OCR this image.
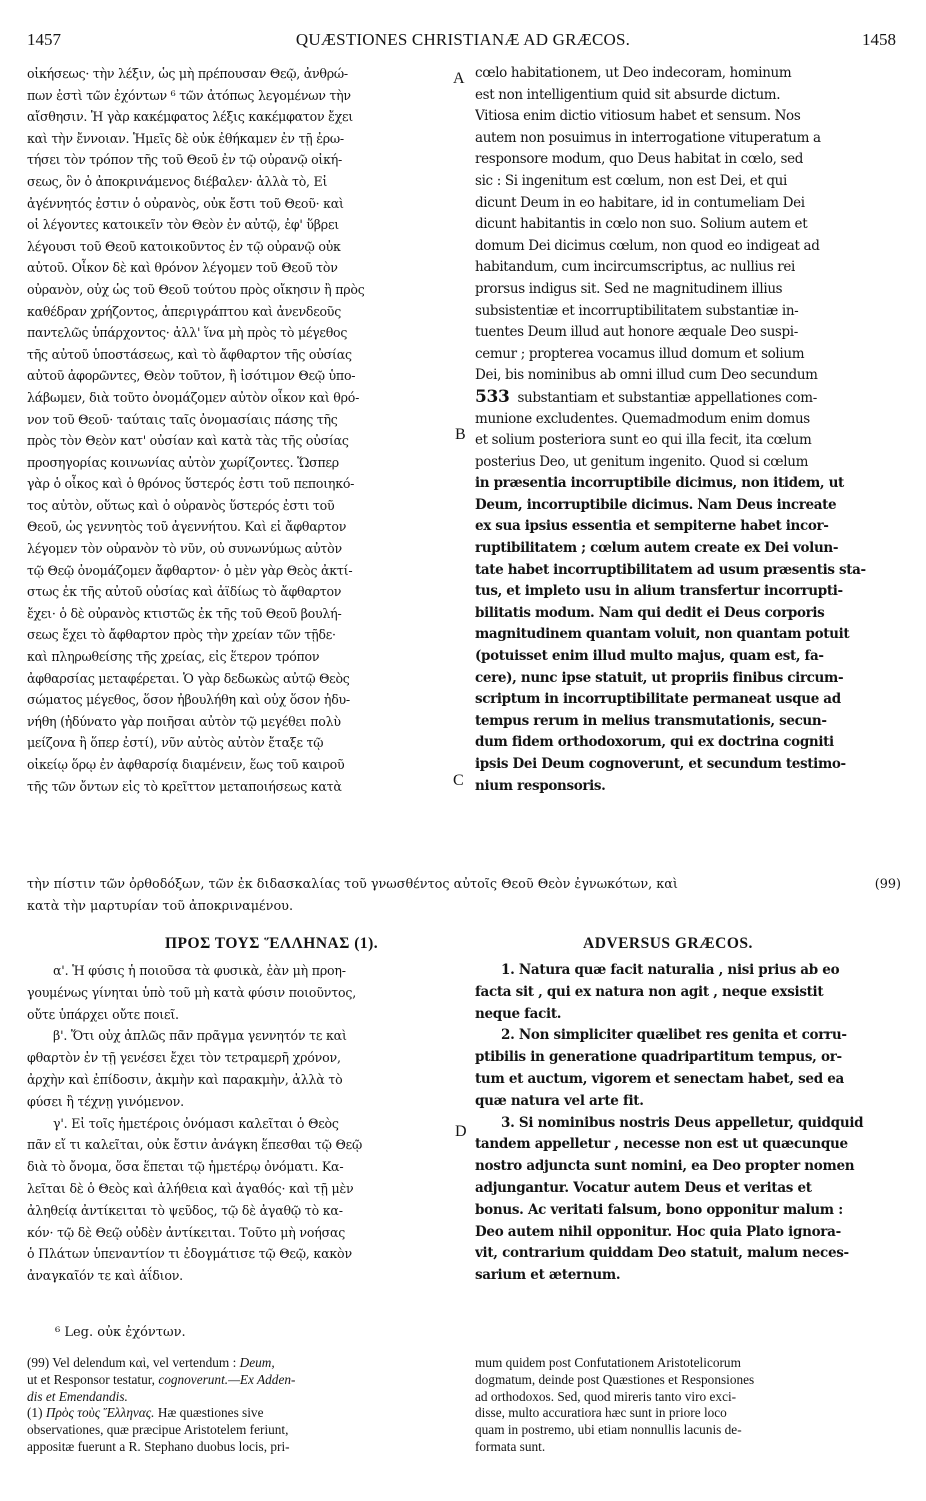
1457	QUÆSTIONES CHRISTIANÆ AD GRÆCOS.	1458
A
B
C
D

οἰκήσεως· τὴν λέξιν, ὡς μὴ πρέπουσαν Θεῷ, ἀνθρώ-

πων ἐστὶ τῶν ἐχόντων ⁶ τῶν ἀτόπως λεγομένων τὴν

αἴσθησιν. Ἡ γὰρ κακέμφατος λέξις κακέμφατον ἔχει

καὶ τὴν ἔννοιαν. Ἡμεῖς δὲ οὐκ ἐθήκαμεν ἐν τῇ ἐρω-

τήσει τὸν τρόπον τῆς τοῦ Θεοῦ ἐν τῷ οὐρανῷ οἰκή-

σεως, ὃν ὁ ἀποκρινάμενος διέβαλεν· ἀλλὰ τὸ, Εἰ

ἀγέννητός ἐστιν ὁ οὐρανὸς, οὐκ ἔστι τοῦ Θεοῦ· καὶ

οἱ λέγοντες κατοικεῖν τὸν Θεὸν ἐν αὐτῷ, ἐφ' ὕβρει

λέγουσι τοῦ Θεοῦ κατοικοῦντος ἐν τῷ οὐρανῷ οὐκ

αὐτοῦ. Οἶκον δὲ καὶ θρόνον λέγομεν τοῦ Θεοῦ τὸν

οὐρανὸν, οὐχ ὡς τοῦ Θεοῦ τούτου πρὸς οἴκησιν ἢ πρὸς

καθέδραν χρήζοντος, ἀπεριγράπτου καὶ ἀνενδεοῦς

παντελῶς ὑπάρχοντος· ἀλλ' ἵνα μὴ πρὸς τὸ μέγεθος

τῆς αὐτοῦ ὑποστάσεως, καὶ τὸ ἄφθαρτον τῆς οὐσίας

αὐτοῦ ἀφορῶντες, Θεὸν τοῦτον, ἢ ἰσότιμον Θεῷ ὑπο-

λάβωμεν, διὰ τοῦτο ὀνομάζομεν αὐτὸν οἶκον καὶ θρό-

νον τοῦ Θεοῦ· ταύταις ταῖς ὀνομασίαις πάσης τῆς

πρὸς τὸν Θεὸν κατ' οὐσίαν καὶ κατὰ τὰς τῆς οὐσίας

προσηγορίας κοινωνίας αὐτὸν χωρίζοντες. Ὥσπερ

γὰρ ὁ οἶκος καὶ ὁ θρόνος ὕστερός ἐστι τοῦ πεποιηκό-

τος αὐτὸν, οὕτως καὶ ὁ οὐρανὸς ὕστερός ἐστι τοῦ

Θεοῦ, ὡς γεννητὸς τοῦ ἀγεννήτου. Καὶ εἰ ἄφθαρτον

λέγομεν τὸν οὐρανὸν τὸ νῦν, οὐ συνωνύμως αὐτὸν

τῷ Θεῷ ὀνομάζομεν ἄφθαρτον· ὁ μὲν γὰρ Θεὸς ἀκτί-

στως ἐκ τῆς αὐτοῦ οὐσίας καὶ ἀϊδίως τὸ ἄφθαρτον

ἔχει· ὁ δὲ οὐρανὸς κτιστῶς ἐκ τῆς τοῦ Θεοῦ βουλή-

σεως ἔχει τὸ ἄφθαρτον πρὸς τὴν χρείαν τῶν τῇδε·

καὶ πληρωθείσης τῆς χρείας, εἰς ἕτερον τρόπον

ἀφθαρσίας μεταφέρεται. Ὁ γὰρ δεδωκὼς αὐτῷ Θεὸς

σώματος μέγεθος, ὅσον ἠβουλήθη καὶ οὐχ ὅσον ἠδυ-

νήθη (ἠδύνατο γὰρ ποιῆσαι αὐτὸν τῷ μεγέθει πολὺ

μείζονα ἢ ὅπερ ἐστί), νῦν αὐτὸς αὐτὸν ἔταξε τῷ

οἰκείῳ ὅρῳ ἐν ἀφθαρσίᾳ διαμένειν, ἕως τοῦ καιροῦ

τῆς τῶν ὄντων εἰς τὸ κρεῖττον μεταποιήσεως κατὰ

cœlo habitationem, ut Deo indecoram, hominum

est non intelligentium quid sit absurde dictum.

Vitiosa enim dictio vitiosum habet et sensum. Nos

autem non posuimus in interrogatione vituperatum a

responsore modum, quo Deus habitat in cœlo, sed

sic : Si ingenitum est cœlum, non est Dei, et qui

dicunt Deum in eo habitare, id in contumeliam Dei

dicunt habitantis in cœlo non suo. Solium autem et

domum Dei dicimus cœlum, non quod eo indigeat ad

habitandum, cum incircumscriptus, ac nullius rei

prorsus indigus sit. Sed ne magnitudinem illius

subsistentiæ et incorruptibilitatem substantiæ in-

tuentes Deum illud aut honore æquale Deo suspi-

cemur ; propterea vocamus illud domum et solium

Dei, bis nominibus ab omni illud cum Deo secundum

533 substantiam et substantiæ appellationes com-

munione excludentes. Quemadmodum enim domus

et solium posteriora sunt eo qui illa fecit, ita cœlum

posterius Deo, ut genitum ingenito. Quod si cœlum

in præsentia incorruptibile dicimus, non itidem, ut

Deum, incorruptibile dicimus. Nam Deus increate

ex sua ipsius essentia et sempiterne habet incor-

ruptibilitatem ; cœlum autem create ex Dei volun-

tate habet incorruptibilitatem ad usum præsentis sta-

tus, et impleto usu in alium transfertur incorrupti-

bilitatis modum. Nam qui dedit ei Deus corporis

magnitudinem quantam voluit, non quantam potuit

(potuisset enim illud multo majus, quam est, fa-

cere), nunc ipse statuit, ut propriis finibus circum-

scriptum in incorruptibilitate permaneat usque ad

tempus rerum in melius transmutationis, secun-

dum fidem orthodoxorum, qui ex doctrina cogniti

ipsis Dei Deum cognoverunt, et secundum testimo-

nium responsoris.

τὴν πίστιν τῶν ὀρθοδόξων, τῶν ἐκ διδασκαλίας τοῦ γνωσθέντος αὐτοῖς Θεοῦ Θεὸν ἐγνωκότων, καὶ	(99)
κατὰ τὴν μαρτυρίαν τοῦ ἀποκριναμένου.
ΠΡΟΣ ΤΟΥΣ ἝΛΛΗΝΑΣ (1).	ADVERSUS GRÆCOS.

α'. Ἡ φύσις ἡ ποιοῦσα τὰ φυσικὰ, ἐὰν μὴ προη-

γουμένως γίνηται ὑπὸ τοῦ μὴ κατὰ φύσιν ποιοῦντος,

οὔτε ὑπάρχει οὔτε ποιεῖ.

β'. Ὅτι οὐχ ἁπλῶς πᾶν πρᾶγμα γεννητόν τε καὶ

φθαρτὸν ἐν τῇ γενέσει ἔχει τὸν τετραμερῆ χρόνον,

ἀρχὴν καὶ ἐπίδοσιν, ἀκμὴν καὶ παρακμὴν, ἀλλὰ τὸ

φύσει ἢ τέχνῃ γινόμενον.

γ'. Εἰ τοῖς ἡμετέροις ὀνόμασι καλεῖται ὁ Θεὸς

πᾶν εἴ τι καλεῖται, οὐκ ἔστιν ἀνάγκη ἕπεσθαι τῷ Θεῷ

διὰ τὸ ὄνομα, ὅσα ἕπεται τῷ ἡμετέρῳ ὀνόματι. Κα-

λεῖται δὲ ὁ Θεὸς καὶ ἀλήθεια καὶ ἀγαθός· καὶ τῇ μὲν

ἀληθείᾳ ἀντίκειται τὸ ψεῦδος, τῷ δὲ ἀγαθῷ τὸ κα-

κόν· τῷ δὲ Θεῷ οὐδὲν ἀντίκειται. Τοῦτο μὴ νοήσας

ὁ Πλάτων ὑπεναντίον τι ἐδογμάτισε τῷ Θεῷ, κακὸν

ἀναγκαῖόν τε καὶ ἀΐδιον.

1. Natura quæ facit naturalia , nisi prius ab eo

facta sit , qui ex natura non agit , neque exsistit

neque facit.

2. Non simpliciter quælibet res genita et corru-

ptibilis in generatione quadripartitum tempus, or-

tum et auctum, vigorem et senectam habet, sed ea

quæ natura vel arte fit.

3. Si nominibus nostris Deus appelletur, quidquid

tandem appelletur , necesse non est ut quæcunque

nostro adjuncta sunt nomini, ea Deo propter nomen

adjungantur. Vocatur autem Deus et veritas et

bonus. Ac veritati falsum, bono opponitur malum :

Deo autem nihil opponitur. Hoc quia Plato ignora-

vit, contrarium quiddam Deo statuit, malum neces-

sarium et æternum.

⁶ Leg. οὐκ ἐχόντων.

(99) Vel delendum καὶ, vel vertendum : Deum,

ut et Responsor testatur, cognoverunt.—Ex Adden-

dis et Emendandis.

(1) Πρὸς τοὺς Ἕλληνας. Hæ quæstiones sive

observationes, quæ præcipue Aristotelem feriunt,

appositæ fuerunt a R. Stephano duobus locis, pri-

mum quidem post Confutationem Aristotelicorum

dogmatum, deinde post Quæstiones et Responsiones

ad orthodoxos. Sed, quod mireris tanto viro exci-

disse, multo accuratiora hæc sunt in priore loco

quam in postremo, ubi etiam nonnullis lacunis de-

formata sunt.
